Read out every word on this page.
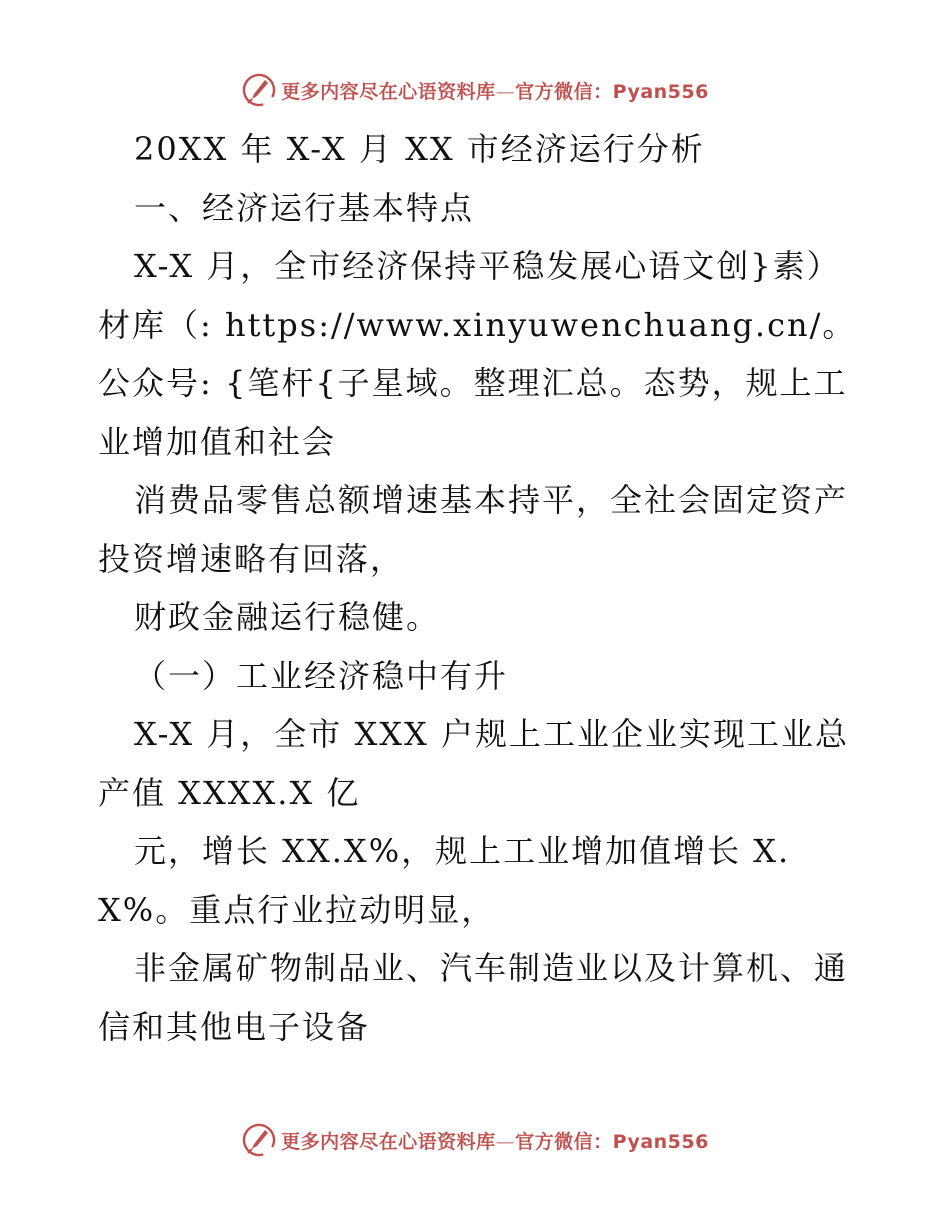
更多内容尽在心语资料库—官方微信：Pyan556

20XX 年 X-X 月 XX 市经济运行分析

一、经济运行基本特点

X-X 月，全市经济保持平稳发展心语文创}素）材库（: https://www.xinyuwenchuang.cn/。公众号: {笔杆{子星域。整理汇总。态势，规上工业增加值和社会

消费品零售总额增速基本持平，全社会固定资产投资增速略有回落，

财政金融运行稳健。

（一）工业经济稳中有升

X-X 月，全市 XXX 户规上工业企业实现工业总产值 XXXX.X 亿

元，增长 XX.X%，规上工业增加值增长 X.X%。重点行业拉动明显，

非金属矿物制品业、汽车制造业以及计算机、通信和其他电子设备

更多内容尽在心语资料库—官方微信：Pyan556
